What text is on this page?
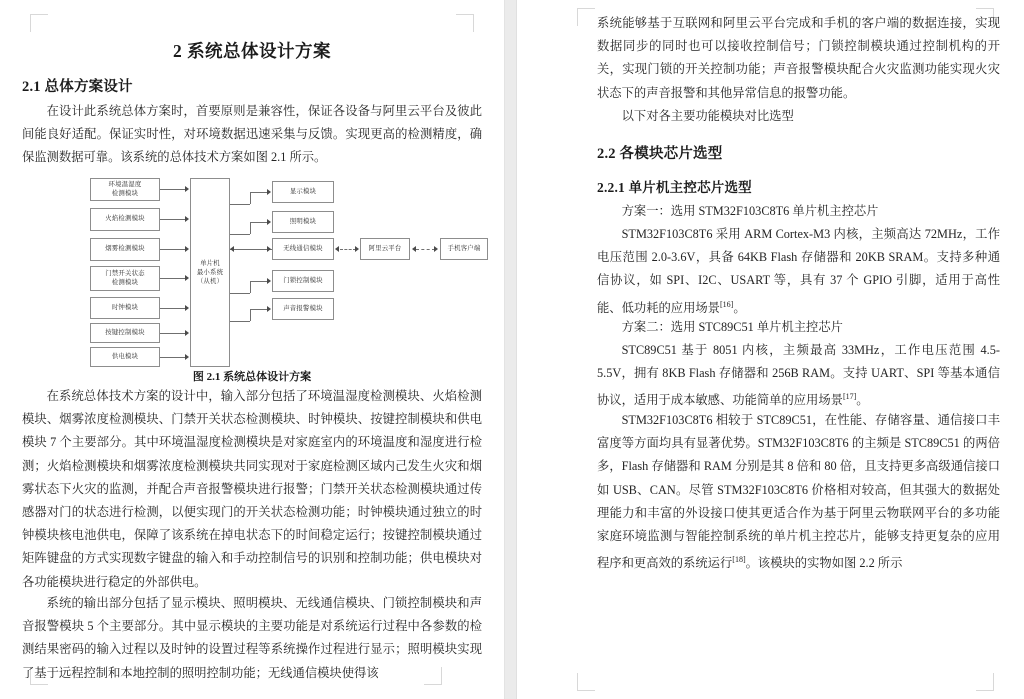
2 系统总体设计方案
2.1 总体方案设计

在设计此系统总体方案时，首要原则是兼容性，保证各设备与阿里云平台及彼此间能良好适配。保证实时性，对环境数据迅速采集与反馈。实现更高的检测精度，确保监测数据可靠。该系统的总体技术方案如图 2.1 所示。

环境温湿度
检测模块
火焰检测模块
烟雾检测模块
门禁开关状态
检测模块
时钟模块
按键控制模块
供电模块
单片机
最小系统
（从机）
显示模块
照明模块
无线通信模块
门锁控制模块
声音报警模块
阿里云平台	手机客户端

图 2.1 系统总体设计方案

在系统总体技术方案的设计中，输入部分包括了环境温湿度检测模块、火焰检测模块、烟雾浓度检测模块、门禁开关状态检测模块、时钟模块、按键控制模块和供电模块 7 个主要部分。其中环境温湿度检测模块是对家庭室内的环境温度和湿度进行检测；火焰检测模块和烟雾浓度检测模块共同实现对于家庭检测区域内己发生火灾和烟雾状态下火灾的监测，并配合声音报警模块进行报警；门禁开关状态检测模块通过传感器对门的状态进行检测，以便实现门的开关状态检测功能；时钟模块通过独立的时钟模块核电池供电，保障了该系统在掉电状态下的时间稳定运行；按键控制模块通过矩阵键盘的方式实现数字键盘的输入和手动控制信号的识别和控制功能；供电模块对各功能模块进行稳定的外部供电。

系统的输出部分包括了显示模块、照明模块、无线通信模块、门锁控制模块和声音报警模块 5 个主要部分。其中显示模块的主要功能是对系统运行过程中各参数的检测结果密码的输入过程以及时钟的设置过程等系统操作过程进行显示；照明模块实现了基于远程控制和本地控制的照明控制功能；无线通信模块使得该

系统能够基于互联网和阿里云平台完成和手机的客户端的数据连接，实现数据同步的同时也可以接收控制信号；门锁控制模块通过控制机构的开关，实现门锁的开关控制功能；声音报警模块配合火灾监测功能实现火灾状态下的声音报警和其他异常信息的报警功能。

以下对各主要功能模块对比选型

2.2 各模块芯片选型
2.2.1 单片机主控芯片选型

方案一：选用 STM32F103C8T6 单片机主控芯片

STM32F103C8T6 采用 ARM Cortex-M3 内核，主频高达 72MHz，工作电压范围 2.0-3.6V，具备 64KB Flash 存储器和 20KB SRAM。支持多种通信协议，如 SPI、I2C、USART 等，具有 37 个 GPIO 引脚，适用于高性能、低功耗的应用场景[16]。

方案二：选用 STC89C51 单片机主控芯片

STC89C51 基于 8051 内核，主频最高 33MHz，工作电压范围 4.5-5.5V，拥有 8KB Flash 存储器和 256B RAM。支持 UART、SPI 等基本通信协议，适用于成本敏感、功能简单的应用场景[17]。

STM32F103C8T6 相较于 STC89C51，在性能、存储容量、通信接口丰富度等方面均具有显著优势。STM32F103C8T6 的主频是 STC89C51 的两倍多，Flash 存储器和 RAM 分别是其 8 倍和 80 倍，且支持更多高级通信接口如 USB、CAN。尽管 STM32F103C8T6 价格相对较高，但其强大的数据处理能力和丰富的外设接口使其更适合作为基于阿里云物联网平台的多功能家庭环境监测与智能控制系统的单片机主控芯片，能够支持更复杂的应用程序和更高效的系统运行[18]。该模块的实物如图 2.2 所示
